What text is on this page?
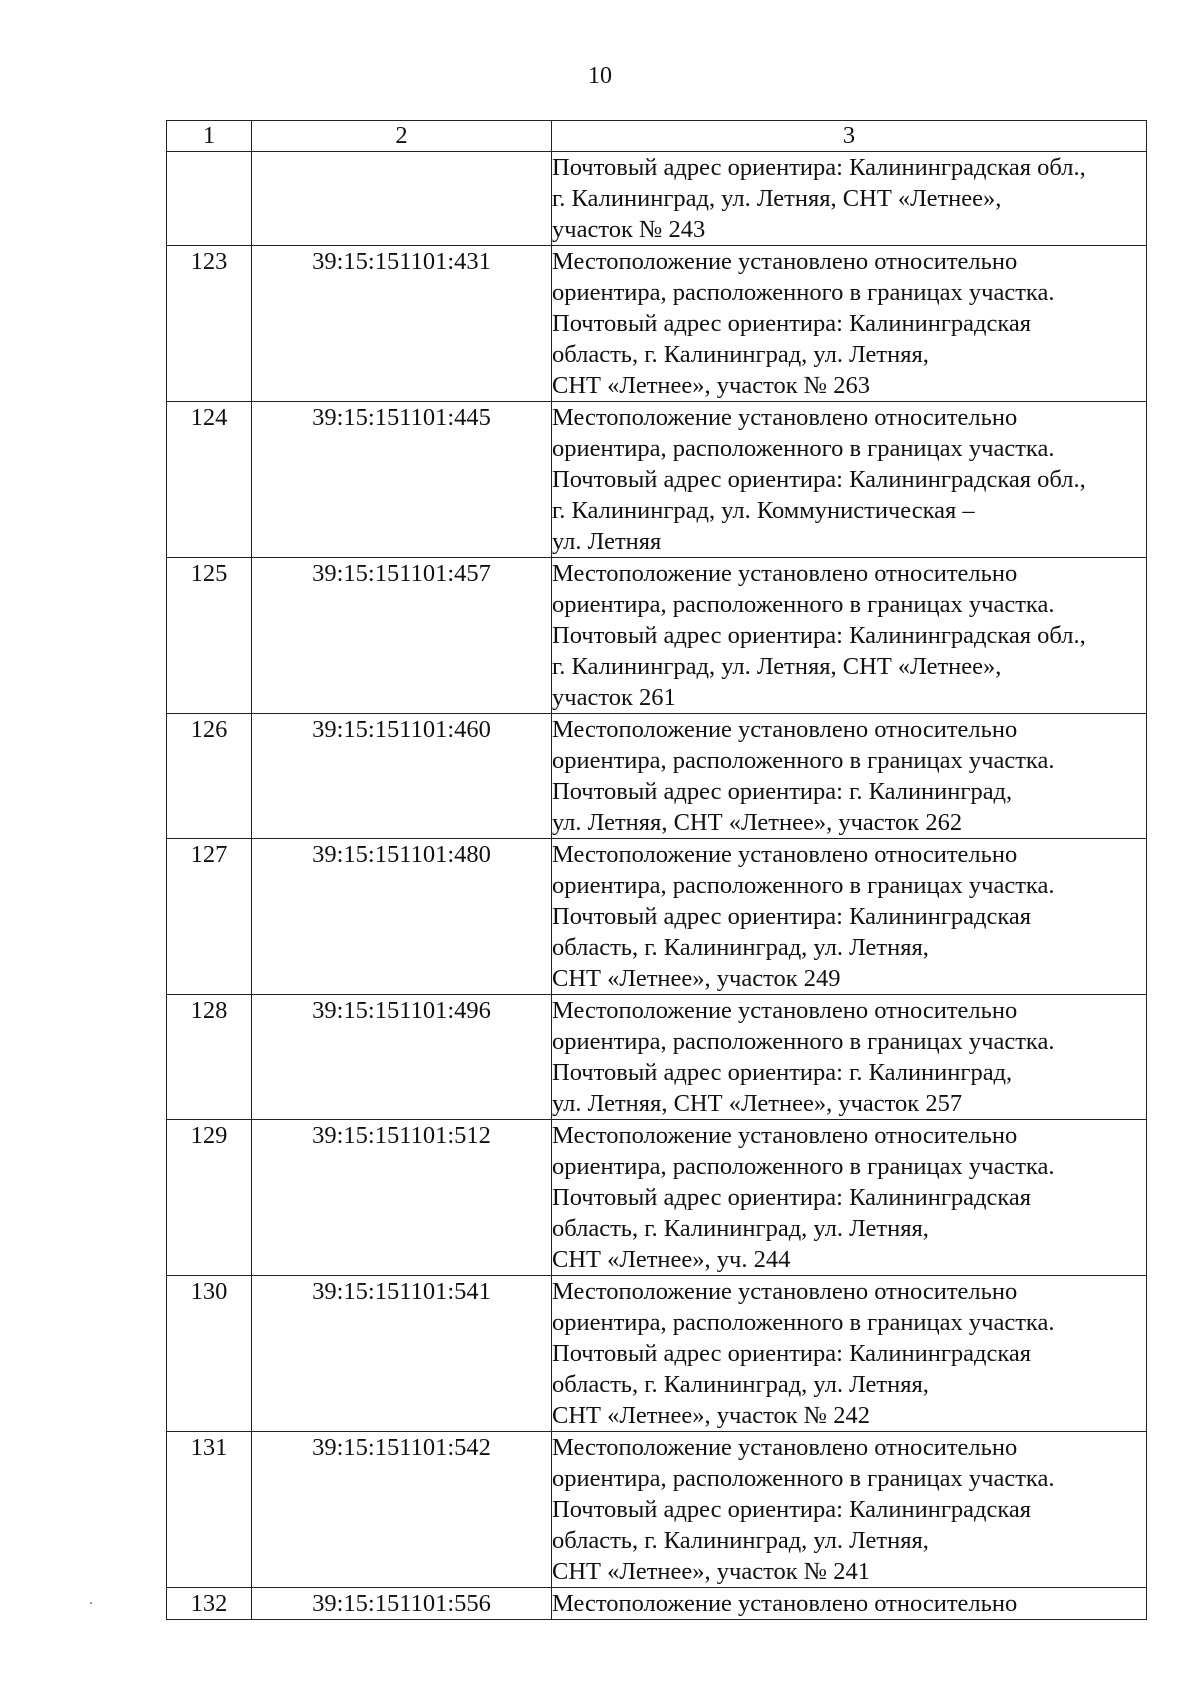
10
1	2	3
		Почтовый адрес ориентира: Калининградская обл.,
г. Калининград, ул. Летняя, СНТ «Летнее»,
участок № 243
123	39:15:151101:431	Местоположение установлено относительно
ориентира, расположенного в границах участка.
Почтовый адрес ориентира: Калининградская
область, г. Калининград, ул. Летняя,
СНТ «Летнее», участок № 263
124	39:15:151101:445	Местоположение установлено относительно
ориентира, расположенного в границах участка.
Почтовый адрес ориентира: Калининградская обл.,
г. Калининград, ул. Коммунистическая –
ул. Летняя
125	39:15:151101:457	Местоположение установлено относительно
ориентира, расположенного в границах участка.
Почтовый адрес ориентира: Калининградская обл.,
г. Калининград, ул. Летняя, СНТ «Летнее»,
участок 261
126	39:15:151101:460	Местоположение установлено относительно
ориентира, расположенного в границах участка.
Почтовый адрес ориентира: г. Калининград,
ул. Летняя, СНТ «Летнее», участок 262
127	39:15:151101:480	Местоположение установлено относительно
ориентира, расположенного в границах участка.
Почтовый адрес ориентира: Калининградская
область, г. Калининград, ул. Летняя,
СНТ «Летнее», участок 249
128	39:15:151101:496	Местоположение установлено относительно
ориентира, расположенного в границах участка.
Почтовый адрес ориентира: г. Калининград,
ул. Летняя, СНТ «Летнее», участок 257
129	39:15:151101:512	Местоположение установлено относительно
ориентира, расположенного в границах участка.
Почтовый адрес ориентира: Калининградская
область, г. Калининград, ул. Летняя,
СНТ «Летнее», уч. 244
130	39:15:151101:541	Местоположение установлено относительно
ориентира, расположенного в границах участка.
Почтовый адрес ориентира: Калининградская
область, г. Калининград, ул. Летняя,
СНТ «Летнее», участок № 242
131	39:15:151101:542	Местоположение установлено относительно
ориентира, расположенного в границах участка.
Почтовый адрес ориентира: Калининградская
область, г. Калининград, ул. Летняя,
СНТ «Летнее», участок № 241
132	39:15:151101:556	Местоположение установлено относительно
